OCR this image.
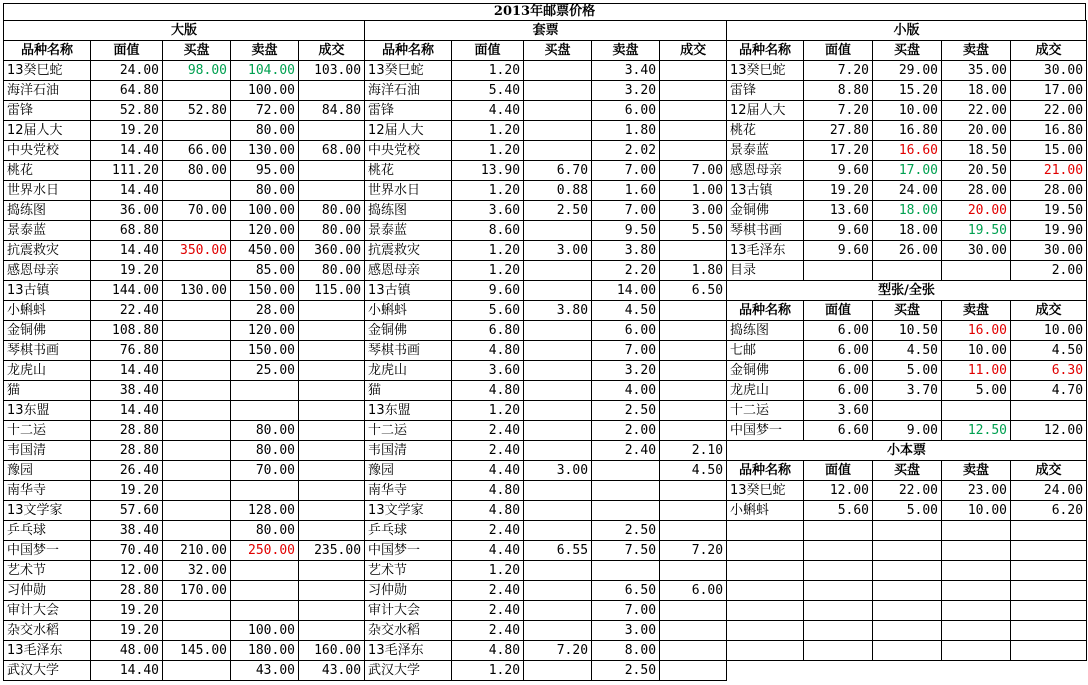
2013年邮票价格
大版					套票				
品种名称	面值	买盘	卖盘	成交	品种名称	面值	买盘	卖盘	成交
13癸巳蛇	24.00	98.00	104.00	103.00	13癸巳蛇	1.20		3.40	
海洋石油	64.80		100.00		海洋石油	5.40		3.20	
雷锋	52.80	52.80	72.00	84.80	雷锋	4.40		6.00	
12届人大	19.20		80.00		12届人大	1.20		1.80	
中央党校	14.40	66.00	130.00	68.00	中央党校	1.20		2.02	
桃花	111.20	80.00	95.00		桃花	13.90	6.70	7.00	7.00
世界水日	14.40		80.00		世界水日	1.20	0.88	1.60	1.00
捣练图	36.00	70.00	100.00	80.00	捣练图	3.60	2.50	7.00	3.00
景泰蓝	68.80		120.00	80.00	景泰蓝	8.60		9.50	5.50
抗震救灾	14.40	350.00	450.00	360.00	抗震救灾	1.20	3.00	3.80	
感恩母亲	19.20		85.00	80.00	感恩母亲	1.20		2.20	1.80
13古镇	144.00	130.00	150.00	115.00	13古镇	9.60		14.00	6.50
小蝌蚪	22.40		28.00		小蝌蚪	5.60	3.80	4.50	
金铜佛	108.80		120.00		金铜佛	6.80		6.00	
琴棋书画	76.80		150.00		琴棋书画	4.80		7.00	
龙虎山	14.40		25.00		龙虎山	3.60		3.20	
猫	38.40				猫	4.80		4.00	
13东盟	14.40				13东盟	1.20		2.50	
十二运	28.80		80.00		十二运	2.40		2.00	
韦国清	28.80		80.00		韦国清	2.40		2.40	2.10
豫园	26.40		70.00		豫园	4.40	3.00		4.50
南华寺	19.20				南华寺	4.80			
13文学家	57.60		128.00		13文学家	4.80			
乒乓球	38.40		80.00		乒乓球	2.40		2.50	
中国梦一	70.40	210.00	250.00	235.00	中国梦一	4.40	6.55	7.50	7.20
艺术节	12.00	32.00			艺术节	1.20			
习仲勋	28.80	170.00			习仲勋	2.40		6.50	6.00
审计大会	19.20				审计大会	2.40		7.00	
杂交水稻	19.20		100.00		杂交水稻	2.40		3.00	
13毛泽东	48.00	145.00	180.00	160.00	13毛泽东	4.80	7.20	8.00	
武汉大学	14.40		43.00	43.00	武汉大学	1.20		2.50	
小版				
品种名称	面值	买盘	卖盘	成交
13癸巳蛇	7.20	29.00	35.00	30.00
雷锋	8.80	15.20	18.00	17.00
12届人大	7.20	10.00	22.00	22.00
桃花	27.80	16.80	20.00	16.80
景泰蓝	17.20	16.60	18.50	15.00
感恩母亲	9.60	17.00	20.50	21.00
13古镇	19.20	24.00	28.00	28.00
金铜佛	13.60	18.00	20.00	19.50
琴棋书画	9.60	18.00	19.50	19.90
13毛泽东	9.60	26.00	30.00	30.00
目录				2.00
型张/全张				
品种名称	面值	买盘	卖盘	成交
捣练图	6.00	10.50	16.00	10.00
七邮	6.00	4.50	10.00	4.50
金铜佛	6.00	5.00	11.00	6.30
龙虎山	6.00	3.70	5.00	4.70
十二运	3.60			
中国梦一	6.60	9.00	12.50	12.00
小本票				
品种名称	面值	买盘	卖盘	成交
13癸巳蛇	12.00	22.00	23.00	24.00
小蝌蚪	5.60	5.00	10.00	6.20
